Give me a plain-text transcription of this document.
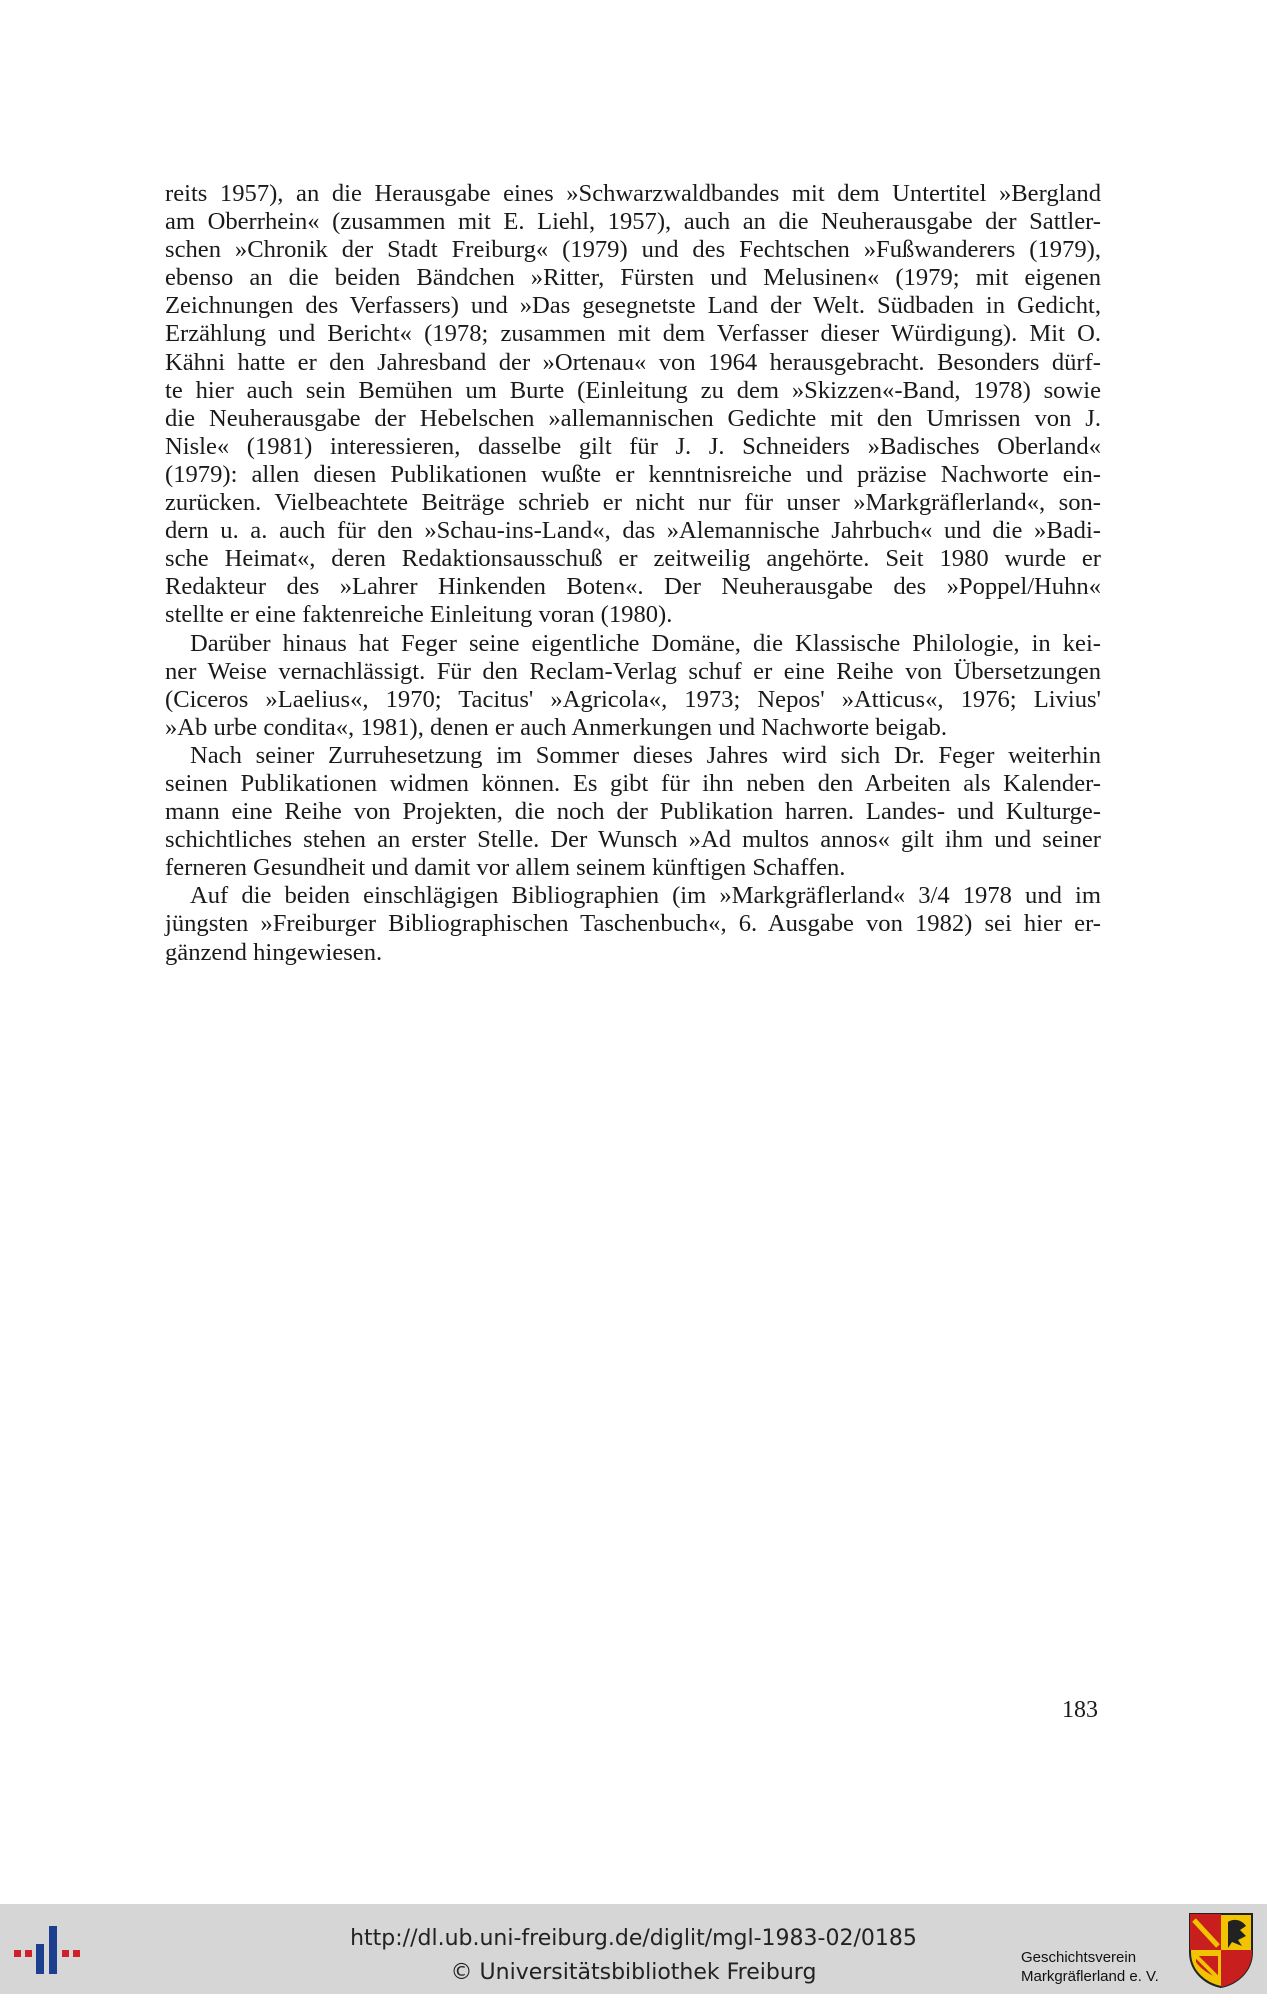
reits 1957), an die Herausgabe eines »Schwarzwaldbandes mit dem Untertitel »Bergland
am Oberrhein« (zusammen mit E. Liehl, 1957), auch an die Neuherausgabe der Sattler-
schen »Chronik der Stadt Freiburg« (1979) und des Fechtschen »Fußwanderers (1979),
ebenso an die beiden Bändchen »Ritter, Fürsten und Melusinen« (1979; mit eigenen
Zeichnungen des Verfassers) und »Das gesegnetste Land der Welt. Südbaden in Gedicht,
Erzählung und Bericht« (1978; zusammen mit dem Verfasser dieser Würdigung). Mit O.
Kähni hatte er den Jahresband der »Ortenau« von 1964 herausgebracht. Besonders dürf-
te hier auch sein Bemühen um Burte (Einleitung zu dem »Skizzen«-Band, 1978) sowie
die Neuherausgabe der Hebelschen »allemannischen Gedichte mit den Umrissen von J.
Nisle« (1981) interessieren, dasselbe gilt für J. J. Schneiders »Badisches Oberland«
(1979): allen diesen Publikationen wußte er kenntnisreiche und präzise Nachworte ein-
zurücken. Vielbeachtete Beiträge schrieb er nicht nur für unser »Markgräflerland«, son-
dern u. a. auch für den »Schau-ins-Land«, das »Alemannische Jahrbuch« und die »Badi-
sche Heimat«, deren Redaktionsausschuß er zeitweilig angehörte. Seit 1980 wurde er
Redakteur des »Lahrer Hinkenden Boten«. Der Neuherausgabe des »Poppel/Huhn«
stellte er eine faktenreiche Einleitung voran (1980).
Darüber hinaus hat Feger seine eigentliche Domäne, die Klassische Philologie, in kei-
ner Weise vernachlässigt. Für den Reclam-Verlag schuf er eine Reihe von Übersetzungen
(Ciceros »Laelius«, 1970; Tacitus' »Agricola«, 1973; Nepos' »Atticus«, 1976; Livius'
»Ab urbe condita«, 1981), denen er auch Anmerkungen und Nachworte beigab.
Nach seiner Zurruhesetzung im Sommer dieses Jahres wird sich Dr. Feger weiterhin
seinen Publikationen widmen können. Es gibt für ihn neben den Arbeiten als Kalender-
mann eine Reihe von Projekten, die noch der Publikation harren. Landes- und Kulturge-
schichtliches stehen an erster Stelle. Der Wunsch »Ad multos annos« gilt ihm und seiner
ferneren Gesundheit und damit vor allem seinem künftigen Schaffen.
Auf die beiden einschlägigen Bibliographien (im »Markgräflerland« 3/4 1978 und im
jüngsten »Freiburger Bibliographischen Taschenbuch«, 6. Ausgabe von 1982) sei hier er-
gänzend hingewiesen.
183
http://dl.ub.uni-freiburg.de/diglit/mgl-1983-02/0185
© Universitätsbibliothek Freiburg
Geschichtsverein
Markgräflerland e. V.
